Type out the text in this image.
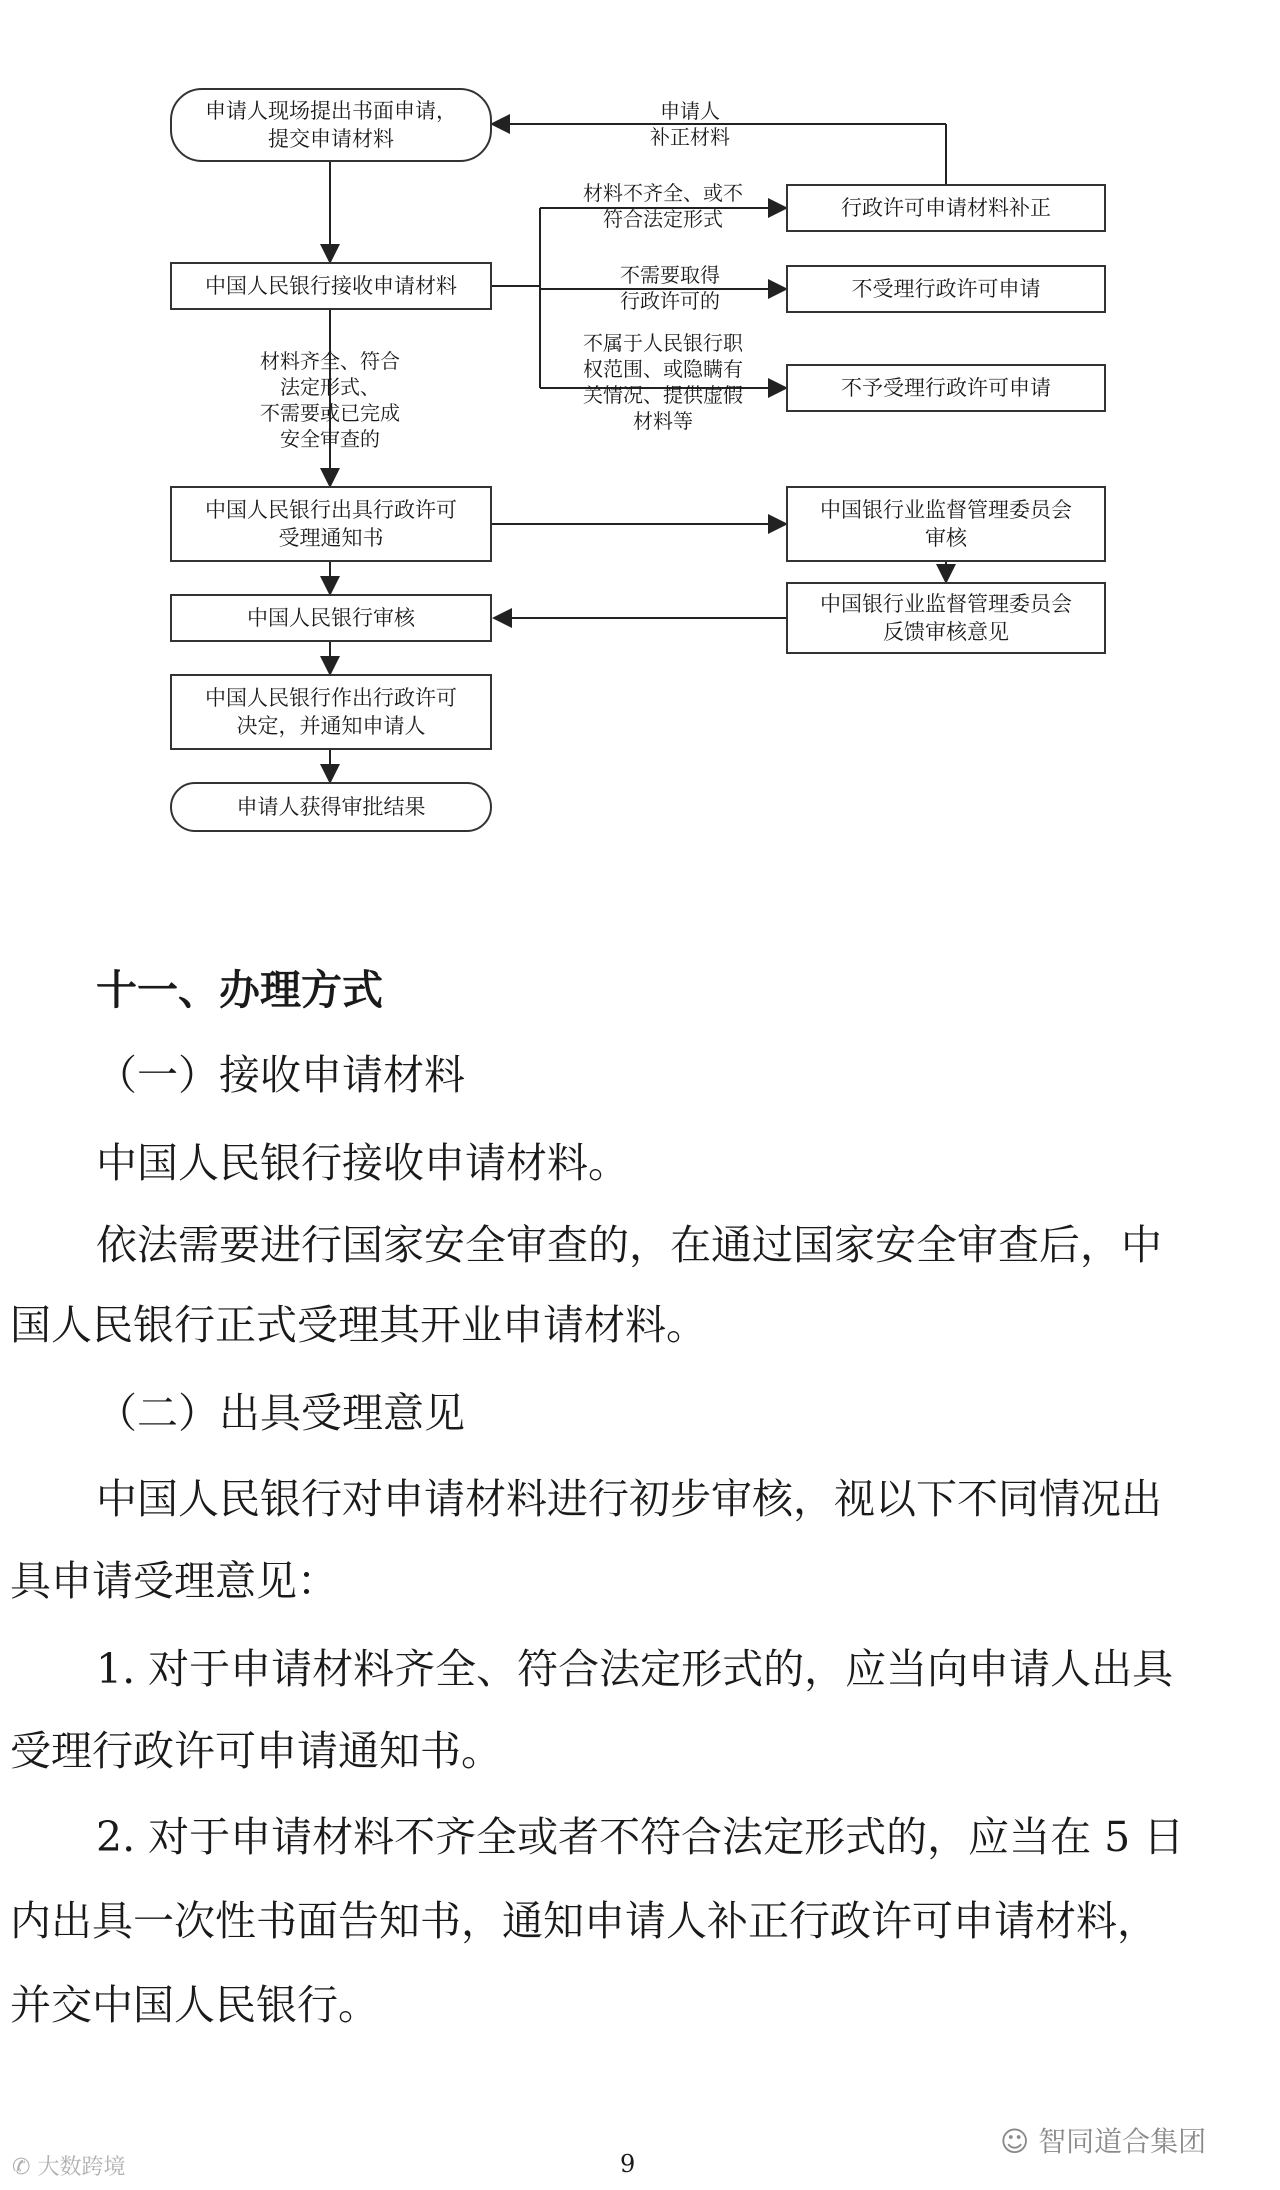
申请人现场提出书面申请，
提交申请材料
中国人民银行接收申请材料
行政许可申请材料补正
不受理行政许可申请
不予受理行政许可申请
中国人民银行出具行政许可
受理通知书
中国银行业监督管理委员会
审核
中国人民银行审核
中国银行业监督管理委员会
反馈审核意见
中国人民银行作出行政许可
决定，并通知申请人
申请人获得审批结果
申请人
补正材料
材料不齐全、或不
符合法定形式
不需要取得
行政许可的
不属于人民银行职
权范围、或隐瞒有
关情况、提供虚假
材料等
材料齐全、符合
法定形式、
不需要或已完成
安全审查的
十一、办理方式
（一）接收申请材料
中国人民银行接收申请材料。
依法需要进行国家安全审查的，在通过国家安全审查后，中
国人民银行正式受理其开业申请材料。
（二）出具受理意见
中国人民银行对申请材料进行初步审核，视以下不同情况出
具申请受理意见：
1. 对于申请材料齐全、符合法定形式的，应当向申请人出具
受理行政许可申请通知书。
2. 对于申请材料不齐全或者不符合法定形式的，应当在 5 日
内出具一次性书面告知书，通知申请人补正行政许可申请材料，
并交中国人民银行。
9
✆ 大数跨境
☺ 智同道合集团
